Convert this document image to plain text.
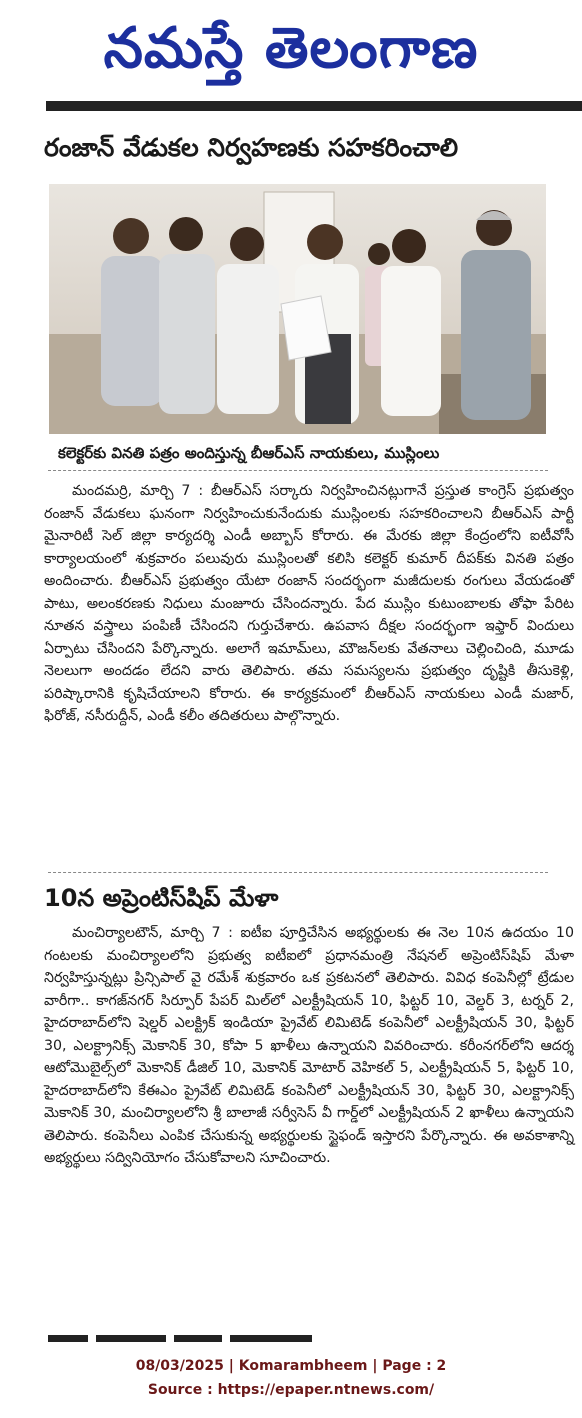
నమస్తే తెలంగాణ
రంజాన్ వేడుకల నిర్వహణకు సహకరించాలి
కలెక్టర్‌కు వినతి పత్రం అందిస్తున్న బీఆర్‌ఎస్ నాయకులు, ముస్లింలు

మందమర్రి, మార్చి 7 : బీఆర్‌ఎస్ సర్కారు నిర్వహించినట్లుగానే ప్రస్తుత కాంగ్రెస్ ప్రభుత్వం రంజాన్ వేడుకలు ఘనంగా నిర్వహించుకునేందుకు ముస్లింలకు సహకరించాలని బీఆర్‌ఎస్ పార్టీ మైనారిటీ సెల్ జిల్లా కార్యదర్శి ఎండీ అబ్బాస్ కోరారు. ఈ మేరకు జిల్లా కేంద్రంలోని ఐటీవోసీ కార్యాలయంలో శుక్రవారం పలువురు ముస్లింలతో కలిసి కలెక్టర్ కుమార్ దీపక్‌కు వినతి పత్రం అందించారు. బీఆర్‌ఎస్ ప్రభుత్వం యేటా రంజాన్ సందర్భంగా మజీదులకు రంగులు వేయడంతో పాటు, అలంకరణకు నిధులు మంజూరు చేసిందన్నారు. పేద ముస్లిం కుటుంబాలకు తోఫా పేరిట నూతన వస్త్రాలు పంపిణీ చేసిందని గుర్తుచేశారు. ఉపవాస దీక్షల సందర్భంగా ఇఫ్తార్ విందులు ఏర్పాటు చేసిందని పేర్కొన్నారు. అలాగే ఇమామ్‌లు, మౌజన్‌లకు వేతనాలు చెల్లించింది, మూడు నెలలుగా అందడం లేదని వారు తెలిపారు. తమ సమస్యలను ప్రభుత్వం దృష్టికి తీసుకెళ్లి, పరిష్కారానికి కృషిచేయాలని కోరారు. ఈ కార్యక్రమంలో బీఆర్‌ఎస్ నాయకులు ఎండీ మజార్, ఫిరోజ్, నసీరుద్దీన్, ఎండీ కలీం తదితరులు పాల్గొన్నారు.

10న అప్రెంటిస్‌షిప్ మేళా

మంచిర్యాలటౌన్, మార్చి 7 : ఐటీఐ పూర్తిచేసిన అభ్యర్థులకు ఈ నెల 10న ఉదయం 10 గంటలకు మంచిర్యాలలోని ప్రభుత్వ ఐటీఐలో ప్రధానమంత్రి నేషనల్ అప్రెంటిస్‌షిప్ మేళా నిర్వహిస్తున్నట్లు ప్రిన్సిపాల్ వై రమేశ్ శుక్రవారం ఒక ప్రకటనలో తెలిపారు. వివిధ కంపెనీల్లో ట్రేడుల వారీగా.. కాగజ్‌నగర్ సిర్పూర్ పేపర్ మిల్‌లో ఎలక్ట్రీషియన్ 10, ఫిట్టర్ 10, వెల్డర్ 3, టర్నర్ 2, హైదరాబాద్‌లోని షెల్డర్ ఎలక్ట్రిక్ ఇండియా ప్రైవేట్ లిమిటెడ్ కంపెనీలో ఎలక్ట్రీషియన్ 30, ఫిట్టర్ 30, ఎలక్ట్రానిక్స్ మెకానిక్ 30, కోపా 5 ఖాళీలు ఉన్నాయని వివరించారు. కరీంనగర్‌లోని ఆదర్శ ఆటోమొబైల్స్‌లో మెకానిక్ డీజిల్ 10, మెకానిక్ మోటార్ వెహికల్ 5, ఎలక్ట్రీషియన్ 5, ఫిట్టర్ 10, హైదరాబాద్‌లోని కేఈఎం ప్రైవేట్ లిమిటెడ్ కంపెనీలో ఎలక్ట్రీషియన్ 30, ఫిట్టర్ 30, ఎలక్ట్రానిక్స్ మెకానిక్ 30, మంచిర్యాలలోని శ్రీ బాలాజీ సర్వీసెస్ వీ గార్డ్‌లో ఎలక్ట్రీషియన్ 2 ఖాళీలు ఉన్నాయని తెలిపారు. కంపెనీలు ఎంపిక చేసుకున్న అభ్యర్థులకు స్టైఫండ్ ఇస్తారని పేర్కొన్నారు. ఈ అవకాశాన్ని అభ్యర్థులు సద్వినియోగం చేసుకోవాలని సూచించారు.

08/03/2025 | Komarambheem | Page : 2
Source : https://epaper.ntnews.com/
